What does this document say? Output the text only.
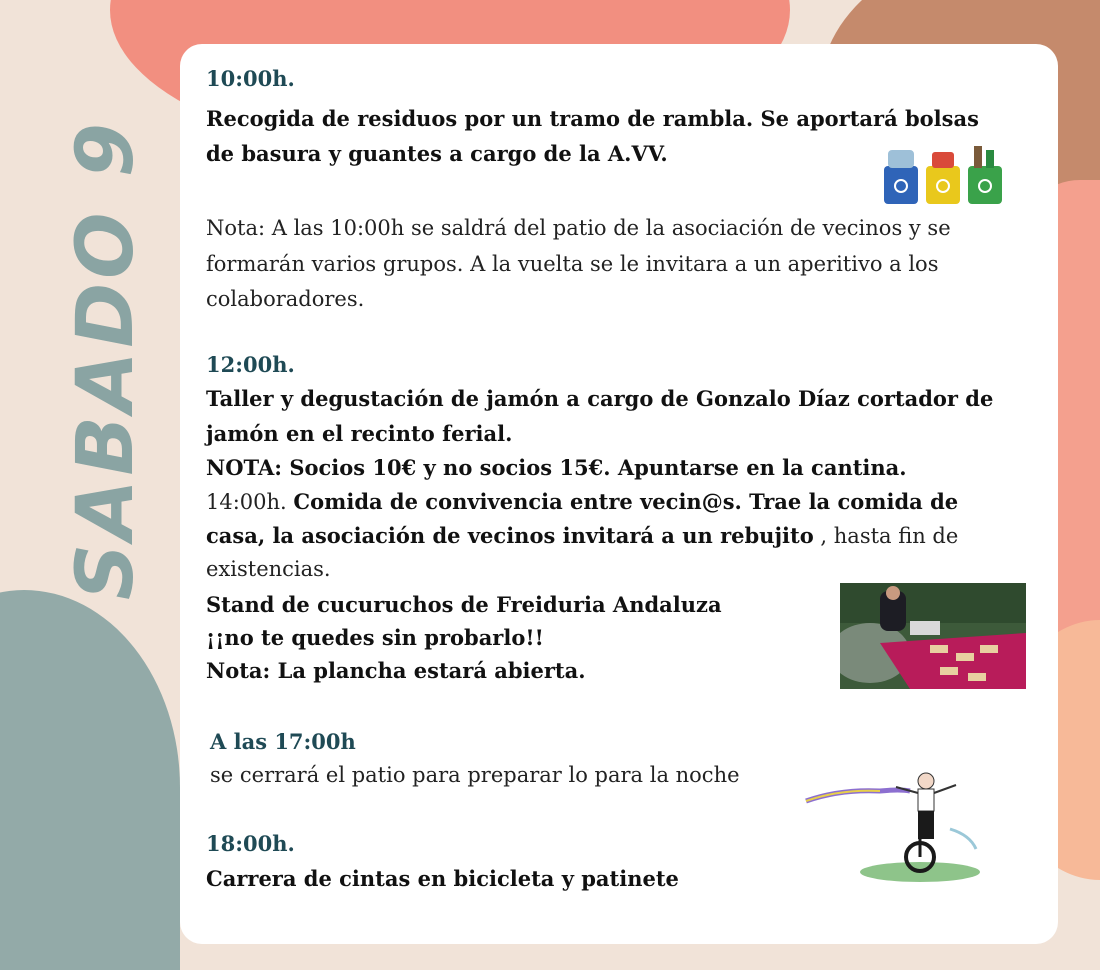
SABADO 9
10:00h.
Recogida de residuos por un tramo de rambla. Se aportará bolsas
de basura y guantes a cargo de la A.VV.
Nota: A las 10:00h se saldrá del patio de la asociación de vecinos y se
formarán varios grupos. A la vuelta se le invitara a un aperitivo a los
colaboradores.
12:00h.
Taller y degustación de jamón a cargo de Gonzalo Díaz cortador de
jamón en el recinto ferial.
NOTA: Socios 10€ y no socios 15€. Apuntarse en la cantina.
14:00h. Comida de convivencia entre vecin@s. Trae la comida de
casa, la asociación de vecinos invitará a un rebujito , hasta fin de
existencias.
Stand de cucuruchos de Freiduria Andaluza
¡¡no te quedes sin probarlo!!
Nota: La plancha estará abierta.
A las 17:00h
se cerrará el patio para preparar lo para la noche
18:00h.
Carrera de cintas en bicicleta y patinete
